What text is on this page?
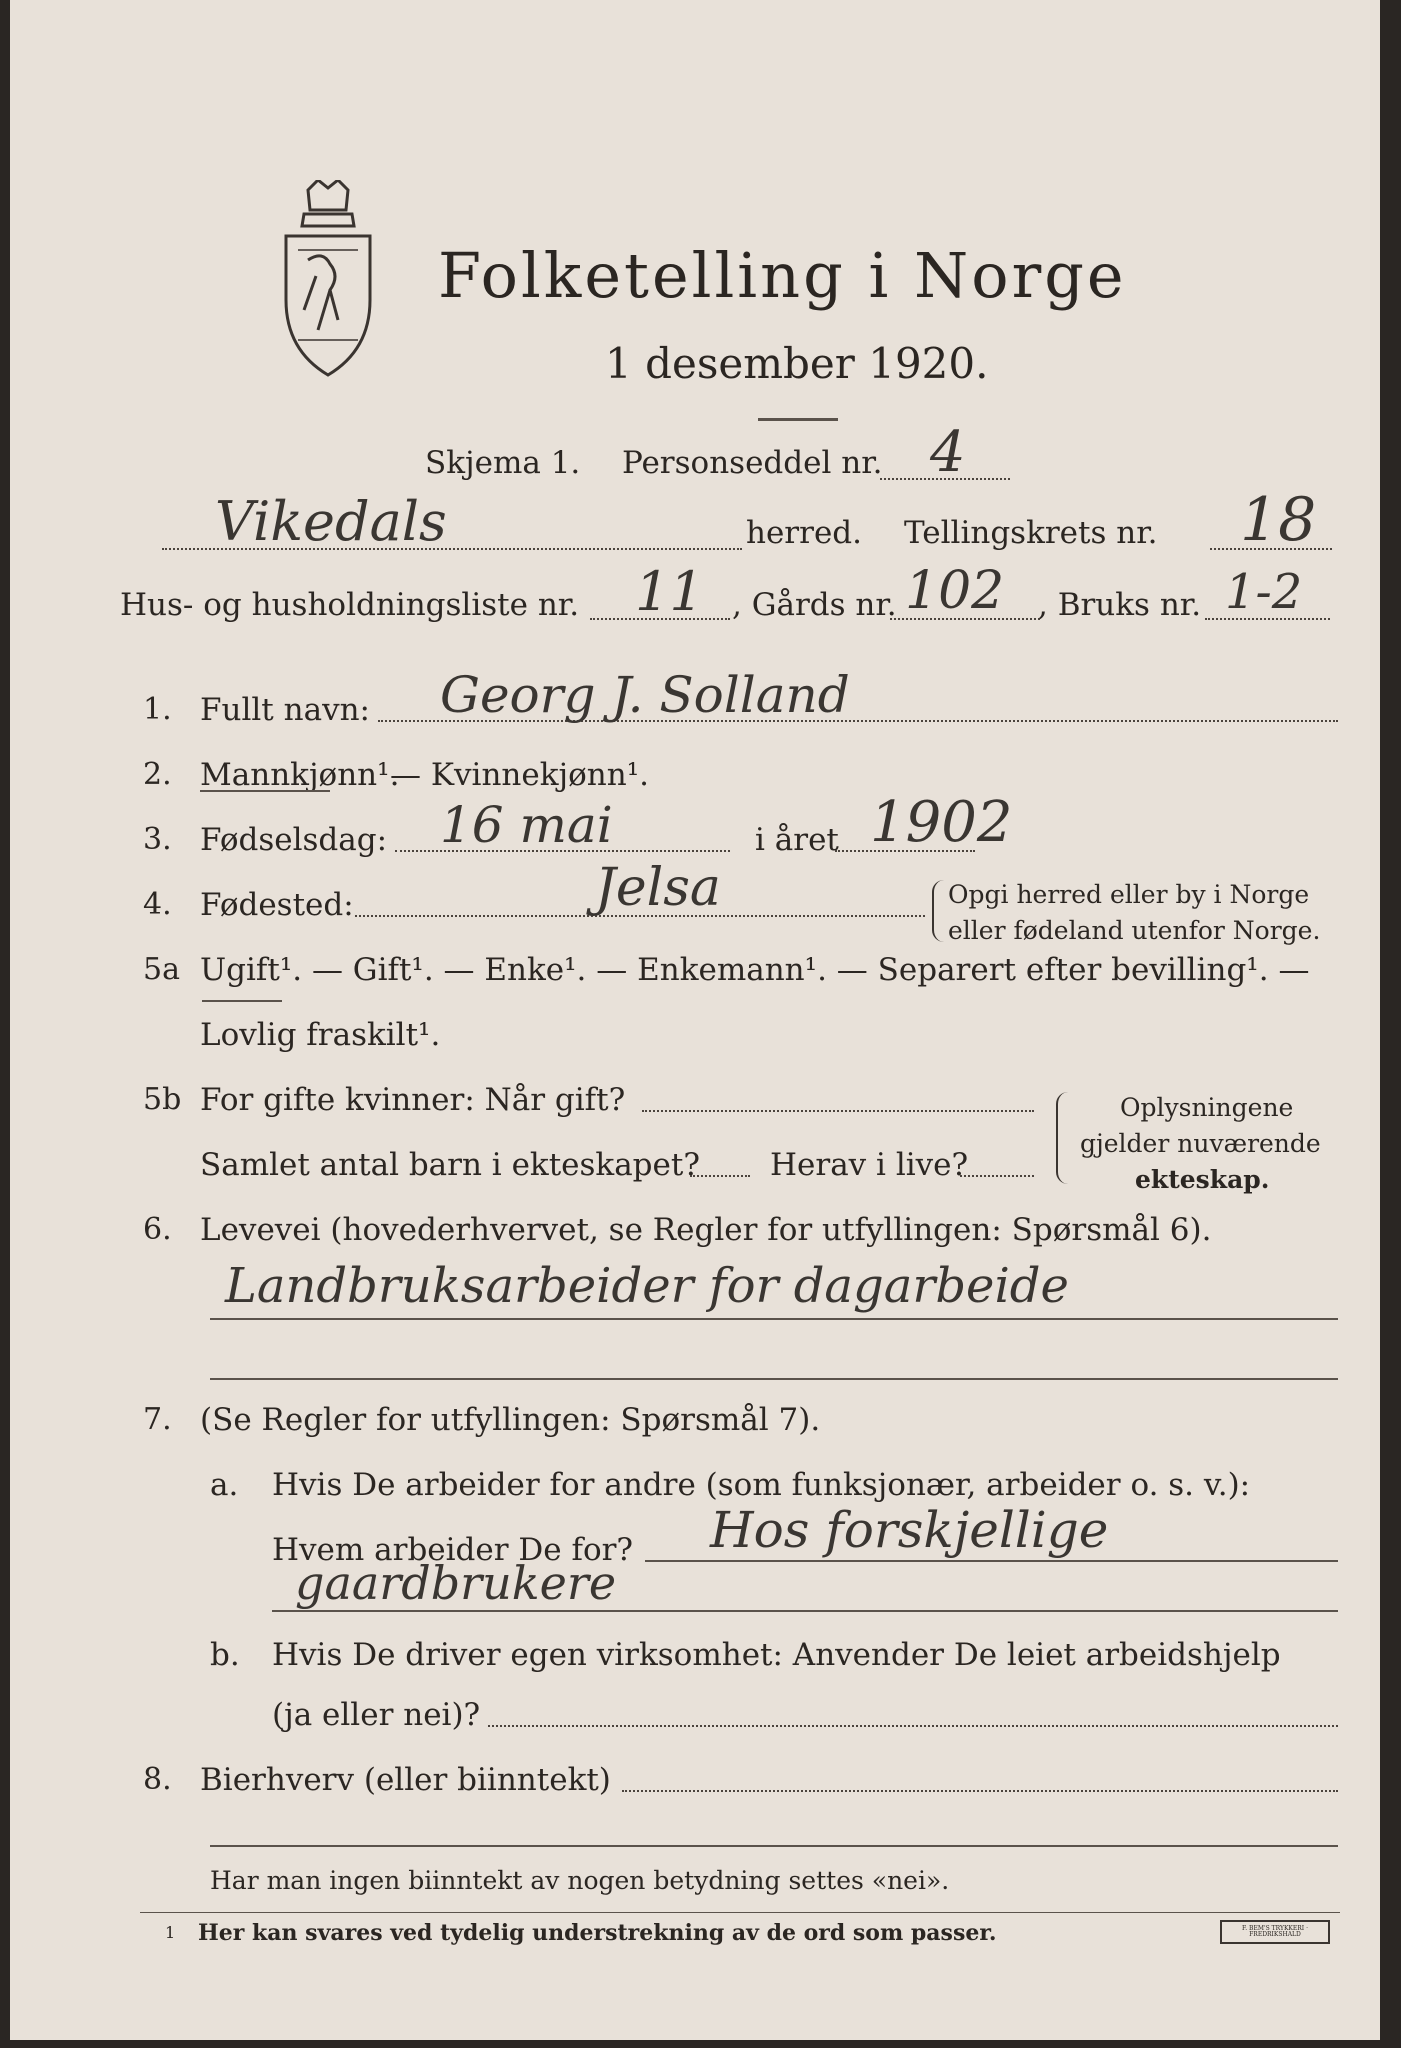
Folketelling i Norge
1 desember 1920.
Skjema 1. Personseddel nr. 4
Vikedals	herred. Tellingskrets nr. 18
Hus- og husholdningsliste nr. 11 , Gårds nr. 102 , Bruks nr. 1-2
1. Fullt navn: Georg J. Solland
2. Mannkjønn¹.
— Kvinnekjønn¹.
3. Fødselsdag: 16 mai	i året 1902
4. Fødested:	Jelsa	Opgi herred eller by i Norge
eller fødeland utenfor Norge.
5a Ugift¹. — Gift¹. — Enke¹. — Enkemann¹. — Separert efter bevilling¹. —
Lovlig fraskilt¹.
5b For gifte kvinner: Når gift?
Samlet antal barn i ekteskapet? Herav i live?
Oplysningene
gjelder nuværende
ekteskap.
6. Levevei (hovederhvervet, se Regler for utfyllingen: Spørsmål 6).
Landbruksarbeider for dagarbeide
7. (Se Regler for utfyllingen: Spørsmål 7).
a. Hvis De arbeider for andre (som funksjonær, arbeider o. s. v.):
Hvem arbeider De for? Hos forskjellige
gaardbrukere
b. Hvis De driver egen virksomhet: Anvender De leiet arbeidshjelp
(ja eller nei)?
8. Bierhverv (eller biinntekt)
Har man ingen biinntekt av nogen betydning settes «nei».
1 Her kan svares ved tydelig understrekning av de ord som passer.	F. BEM'S TRYKKERI · FREDRIKSHALD
